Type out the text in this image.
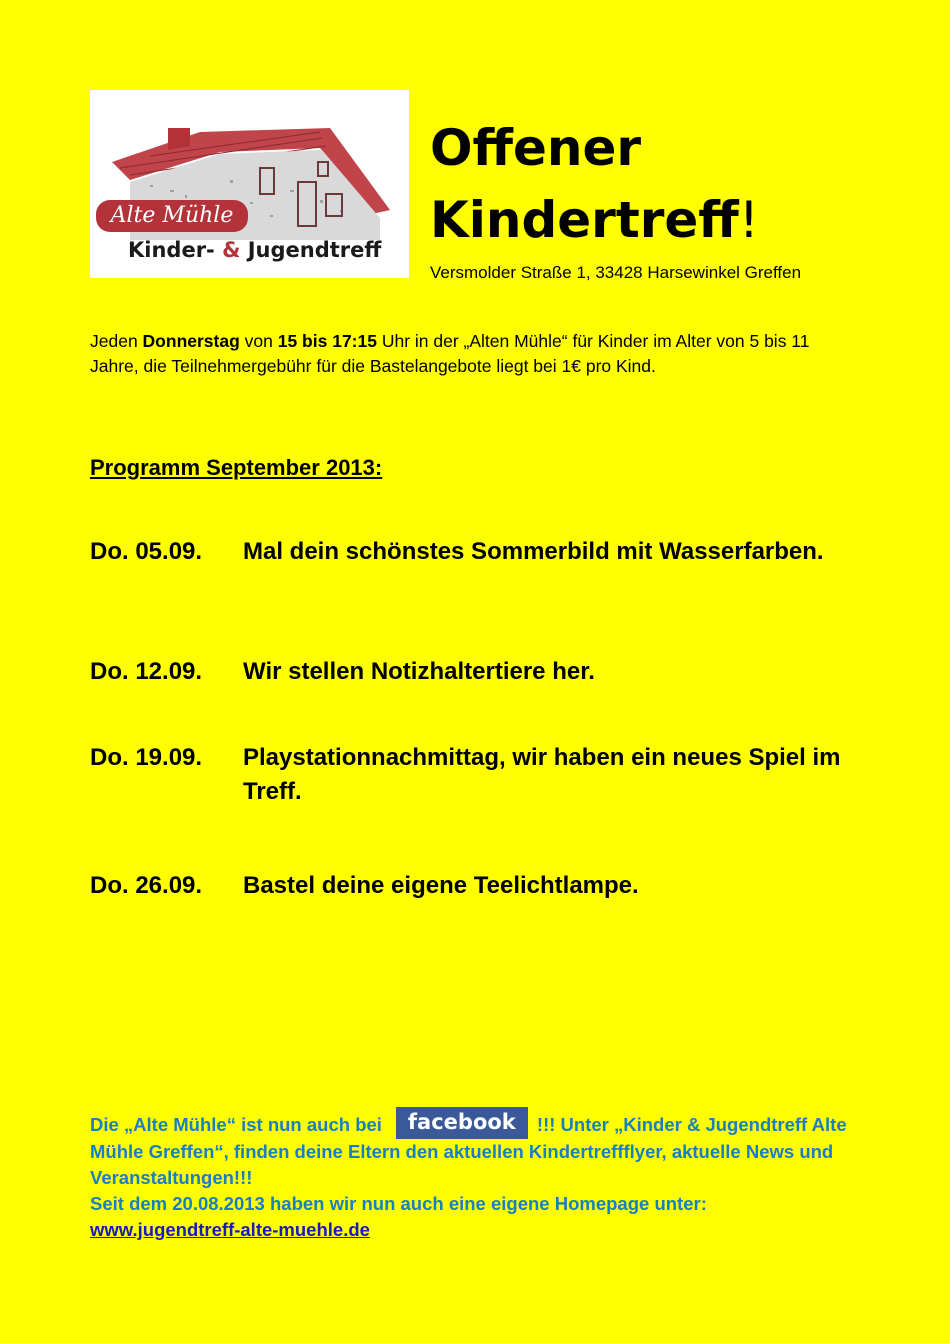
Alte Mühle
Kinder- & Jugendtreff
Offener
Kindertreff!
Versmolder Straße 1, 33428 Harsewinkel Greffen
Jeden Donnerstag von 15 bis 17:15 Uhr in der „Alten Mühle“ für Kinder im Alter von 5 bis 11 Jahre, die Teilnehmergebühr für die Bastelangebote liegt bei 1€ pro Kind.
Programm September 2013:
Do. 05.09. Mal dein schönstes Sommerbild mit Wasserfarben.
Do. 12.09. Wir stellen Notizhaltertiere her.
Do. 19.09. Playstationnachmittag, wir haben ein neues Spiel im Treff.
Do. 26.09. Bastel deine eigene Teelichtlampe.
Die „Alte Mühle“ ist nun auch bei facebook !!! Unter „Kinder & Jugendtreff Alte Mühle Greffen“, finden deine Eltern den aktuellen Kindertreffflyer, aktuelle News und Veranstaltungen!!!
Seit dem 20.08.2013 haben wir nun auch eine eigene Homepage unter:
www.jugendtreff-alte-muehle.de
